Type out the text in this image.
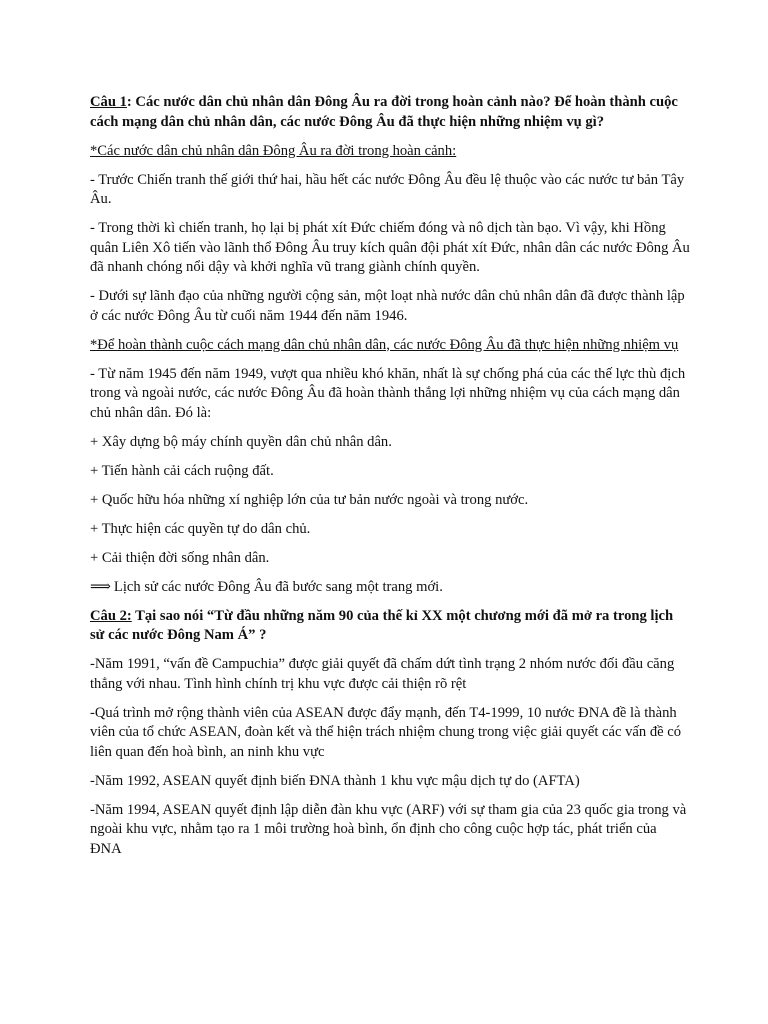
Câu 1: Các nước dân chủ nhân dân Đông Âu ra đời trong hoàn cảnh nào? Để hoàn thành cuộc cách mạng dân chủ nhân dân, các nước Đông Âu đã thực hiện những nhiệm vụ gì?

*Các nước dân chủ nhân dân Đông Âu ra đời trong hoàn cảnh:

- Trước Chiến tranh thế giới thứ hai, hầu hết các nước Đông Âu đều lệ thuộc vào các nước tư bản Tây Âu.

- Trong thời kì chiến tranh, họ lại bị phát xít Đức chiếm đóng và nô dịch tàn bạo. Vì vậy, khi Hồng quân Liên Xô tiến vào lãnh thổ Đông Âu truy kích quân đội phát xít Đức, nhân dân các nước Đông Âu đã nhanh chóng nổi dậy và khởi nghĩa vũ trang giành chính quyền.

- Dưới sự lãnh đạo của những người cộng sản, một loạt nhà nước dân chủ nhân dân đã được thành lập ở các nước Đông Âu từ cuối năm 1944 đến năm 1946.

*Để hoàn thành cuộc cách mạng dân chủ nhân dân, các nước Đông Âu đã thực hiện những nhiệm vụ

- Từ năm 1945 đến năm 1949, vượt qua nhiều khó khăn, nhất là sự chống phá của các thế lực thù địch trong và ngoài nước, các nước Đông Âu đã hoàn thành thắng lợi những nhiệm vụ của cách mạng dân chủ nhân dân. Đó là:

+ Xây dựng bộ máy chính quyền dân chủ nhân dân.

+ Tiến hành cải cách ruộng đất.

+ Quốc hữu hóa những xí nghiệp lớn của tư bản nước ngoài và trong nước.

+ Thực hiện các quyền tự do dân chủ.

+ Cải thiện đời sống nhân dân.

⟹ Lịch sử các nước Đông Âu đã bước sang một trang mới.

Câu 2: Tại sao nói “Từ đầu những năm 90 của thế kỉ XX một chương mới đã mở ra trong lịch sử các nước Đông Nam Á” ?

-Năm 1991, “vấn đề Campuchia” được giải quyết đã chấm dứt tình trạng 2 nhóm nước đối đầu căng thẳng với nhau. Tình hình chính trị khu vực được cải thiện rõ rệt

-Quá trình mở rộng thành viên của ASEAN được đẩy mạnh, đến T4-1999, 10 nước ĐNA đề là thành viên của tổ chức ASEAN, đoàn kết và thể hiện trách nhiệm chung trong việc giải quyết các vấn đề có liên quan đến hoà bình, an ninh khu vực

-Năm 1992, ASEAN quyết định biến ĐNA thành 1 khu vực mậu dịch tự do (AFTA)

-Năm 1994, ASEAN quyết định lập diễn đàn khu vực (ARF) với sự tham gia của 23 quốc gia trong và ngoài khu vực, nhằm tạo ra 1 môi trường hoà bình, ổn định cho công cuộc hợp tác, phát triển của ĐNA
